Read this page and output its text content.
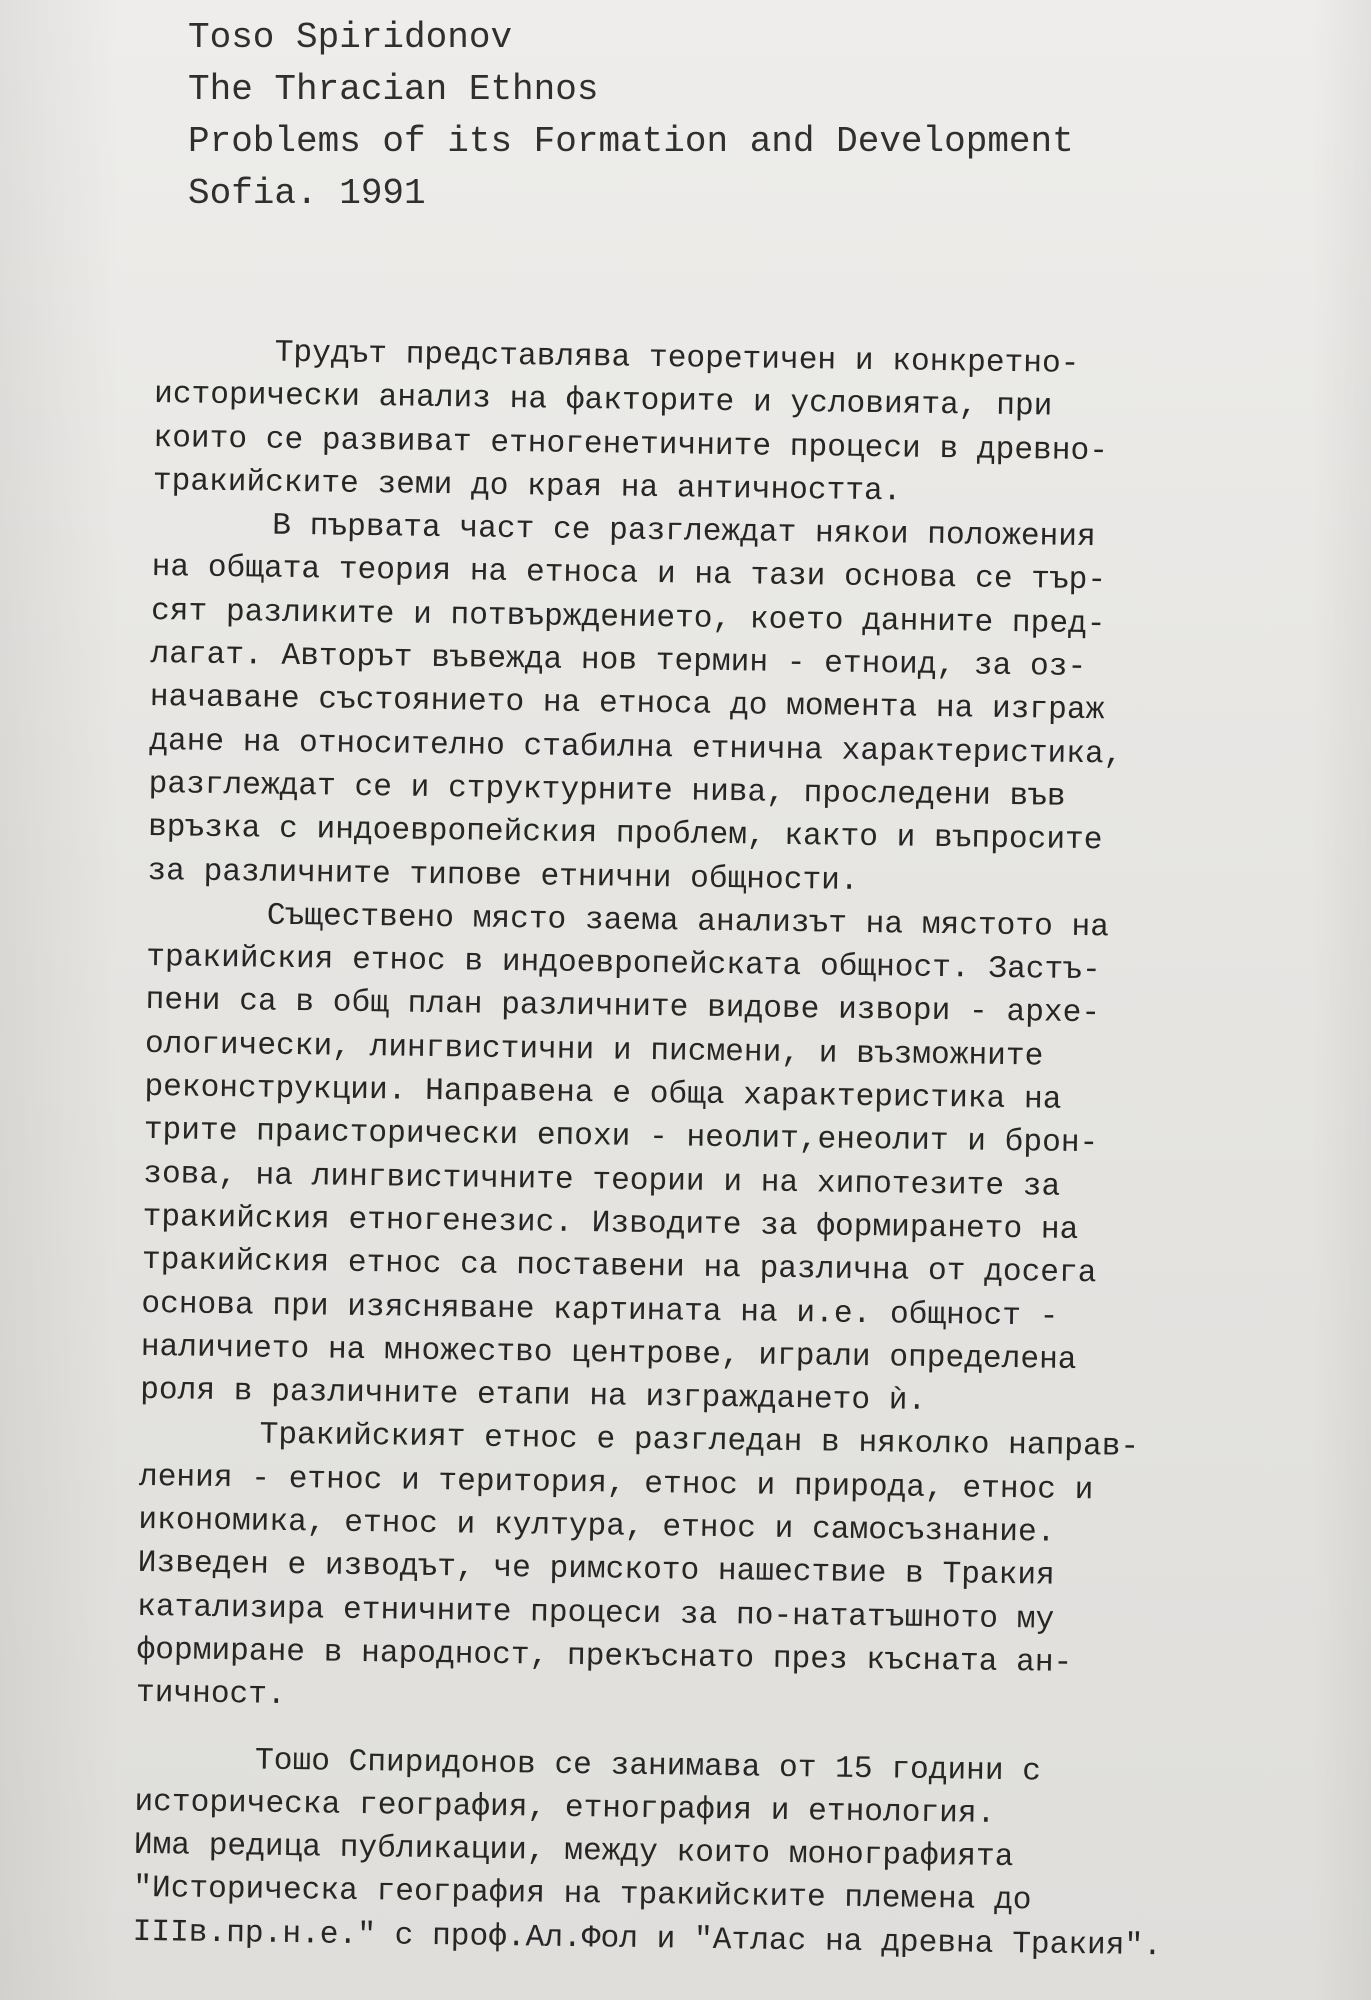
Toso Spiridonov
The Thracian Ethnos
Problems of its Formation and Development
Sofia. 1991
Трудът представлява теоретичен и конкретно-
исторически анализ на факторите и условията, при
които се развиват етногенетичните процеси в древно-
тракийските земи до края на античността.
В първата част се разглеждат някои положения
на общата теория на етноса и на тази основа се тър-
сят разликите и потвърждението, което данните пред-
лагат. Авторът въвежда нов термин - етноид, за оз-
начаване състоянието на етноса до момента на изграж
дане на относително стабилна етнична характеристика,
разглеждат се и структурните нива, проследени във
връзка с индоевропейския проблем, както и въпросите
за различните типове етнични общности.
Съществено място заема анализът на мястото на
тракийския етнос в индоевропейската общност. Застъ-
пени са в общ план различните видове извори - архе-
ологически, лингвистични и писмени, и възможните
реконструкции. Направена е обща характеристика на
трите праисторически епохи - неолит,енеолит и брон-
зова, на лингвистичните теории и на хипотезите за
тракийския етногенезис. Изводите за формирането на
тракийския етнос са поставени на различна от досега
основа при изясняване картината на и.е. общност -
наличието на множество центрове, играли определена
роля в различните етапи на изграждането ѝ.
Тракийският етнос е разгледан в няколко направ-
ления - етнос и територия, етнос и природа, етнос и
икономика, етнос и култура, етнос и самосъзнание.
Изведен е изводът, че римското нашествие в Тракия
катализира етничните процеси за по-нататъшното му
формиране в народност, прекъснато през късната ан-
тичност.
Тошо Спиридонов се занимава от 15 години с
историческа география, етнография и етнология.
Има редица публикации, между които монографията
"Историческа география на тракийските племена до
IIIв.пр.н.е." с проф.Ал.Фол и "Атлас на древна Тракия".
